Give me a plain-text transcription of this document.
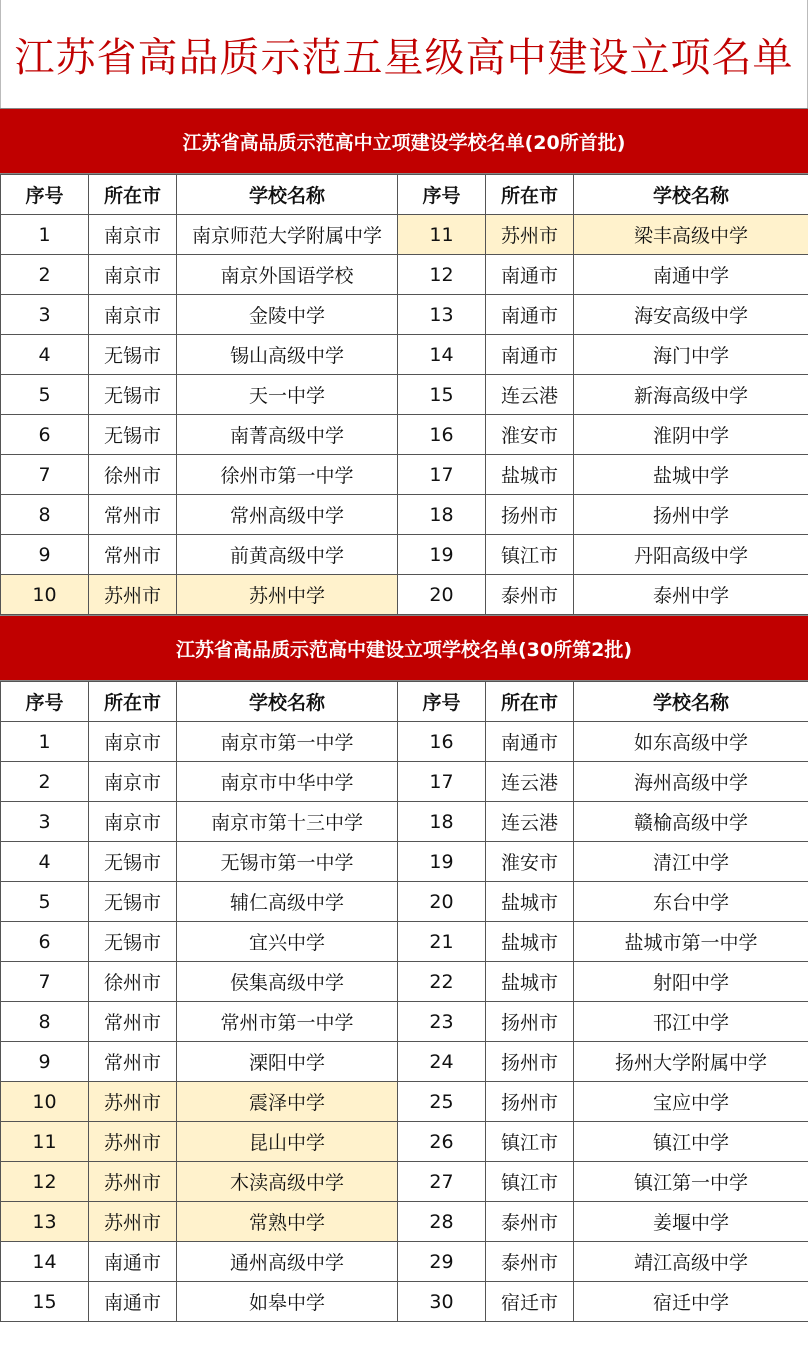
江苏省高品质示范五星级高中建设立项名单
江苏省高品质示范高中立项建设学校名单(20所首批)
序号	所在市	学校名称	序号	所在市	学校名称
1	南京市	南京师范大学附属中学	11	苏州市	梁丰高级中学
2	南京市	南京外国语学校	12	南通市	南通中学
3	南京市	金陵中学	13	南通市	海安高级中学
4	无锡市	锡山高级中学	14	南通市	海门中学
5	无锡市	天一中学	15	连云港	新海高级中学
6	无锡市	南菁高级中学	16	淮安市	淮阴中学
7	徐州市	徐州市第一中学	17	盐城市	盐城中学
8	常州市	常州高级中学	18	扬州市	扬州中学
9	常州市	前黄高级中学	19	镇江市	丹阳高级中学
10	苏州市	苏州中学	20	泰州市	泰州中学
江苏省高品质示范高中建设立项学校名单(30所第2批)
序号	所在市	学校名称	序号	所在市	学校名称
1	南京市	南京市第一中学	16	南通市	如东高级中学
2	南京市	南京市中华中学	17	连云港	海州高级中学
3	南京市	南京市第十三中学	18	连云港	赣榆高级中学
4	无锡市	无锡市第一中学	19	淮安市	清江中学
5	无锡市	辅仁高级中学	20	盐城市	东台中学
6	无锡市	宜兴中学	21	盐城市	盐城市第一中学
7	徐州市	侯集高级中学	22	盐城市	射阳中学
8	常州市	常州市第一中学	23	扬州市	邗江中学
9	常州市	溧阳中学	24	扬州市	扬州大学附属中学
10	苏州市	震泽中学	25	扬州市	宝应中学
11	苏州市	昆山中学	26	镇江市	镇江中学
12	苏州市	木渎高级中学	27	镇江市	镇江第一中学
13	苏州市	常熟中学	28	泰州市	姜堰中学
14	南通市	通州高级中学	29	泰州市	靖江高级中学
15	南通市	如皋中学	30	宿迁市	宿迁中学
